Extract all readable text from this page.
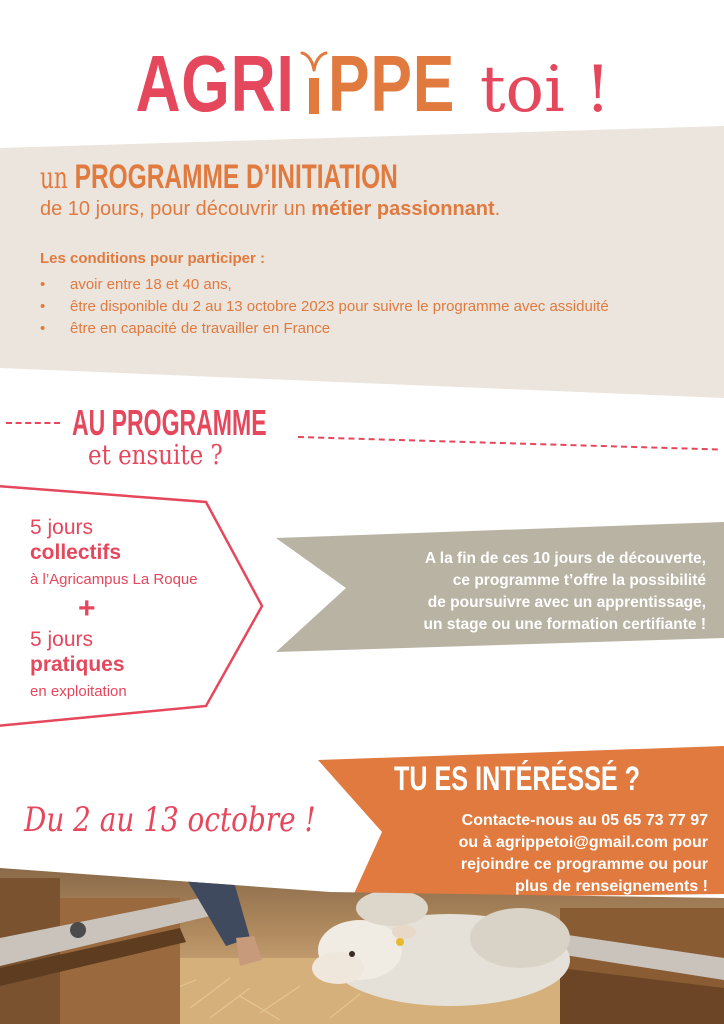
AGRI PPE toi !
un PROGRAMME D’INITIATION
de 10 jours, pour découvrir un métier passionnant.
Les conditions pour participer :
• avoir entre 18 et 40 ans,
• être disponible du 2 au 13 octobre 2023 pour suivre le programme avec assiduité
• être en capacité de travailler en France
AU PROGRAMME
et ensuite ?
5 jours
collectifs
à l’Agricampus La Roque
+
5 jours
pratiques
en exploitation
A la fin de ces 10 jours de découverte,
ce programme t’offre la possibilité
de poursuivre avec un apprentissage,
un stage ou une formation certifiante !
TU ES INTÉRÉSSÉ ?
Contacte-nous au 05 65 73 77 97
ou à agrippetoi@gmail.com pour
rejoindre ce programme ou pour
plus de renseignements !
Du 2 au 13 octobre !
